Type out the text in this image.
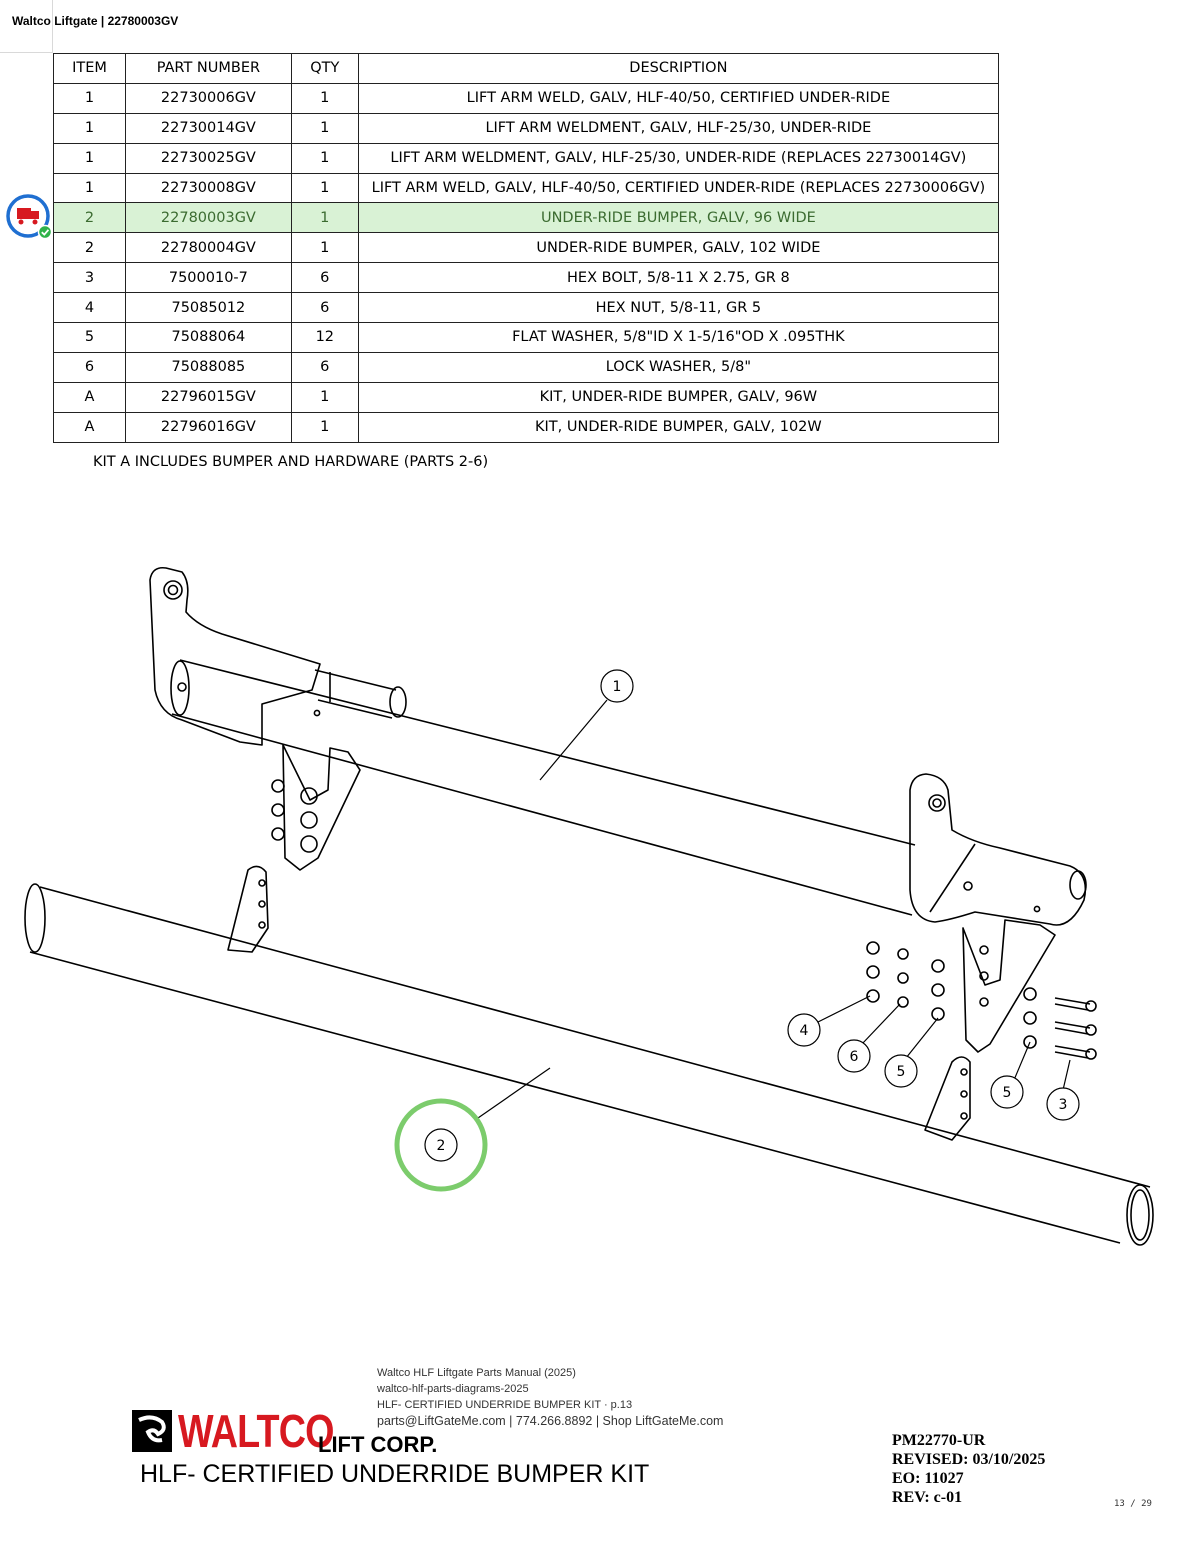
Waltco Liftgate | 22780003GV
ITEM	PART NUMBER	QTY	DESCRIPTION
1	22730006GV	1	LIFT ARM WELD, GALV, HLF-40/50, CERTIFIED UNDER-RIDE
1	22730014GV	1	LIFT ARM WELDMENT, GALV, HLF-25/30, UNDER-RIDE
1	22730025GV	1	LIFT ARM WELDMENT, GALV, HLF-25/30, UNDER-RIDE (REPLACES 22730014GV)
1	22730008GV	1	LIFT ARM WELD, GALV, HLF-40/50, CERTIFIED UNDER-RIDE (REPLACES 22730006GV)
2	22780003GV	1	UNDER-RIDE BUMPER, GALV, 96 WIDE
2	22780004GV	1	UNDER-RIDE BUMPER, GALV, 102 WIDE
3	7500010-7	6	HEX BOLT, 5/8-11 X 2.75, GR 8
4	75085012	6	HEX NUT, 5/8-11, GR 5
5	75088064	12	FLAT WASHER, 5/8"ID X 1-5/16"OD X .095THK
6	75088085	6	LOCK WASHER, 5/8"
A	22796015GV	1	KIT, UNDER-RIDE BUMPER, GALV, 96W
A	22796016GV	1	KIT, UNDER-RIDE BUMPER, GALV, 102W
KIT A INCLUDES BUMPER AND HARDWARE (PARTS 2-6)
1
2
3
4
5
5
6
Waltco HLF Liftgate Parts Manual (2025)
waltco-hlf-parts-diagrams-2025
HLF- CERTIFIED UNDERRIDE BUMPER KIT · p.13
parts@LiftGateMe.com | 774.266.8892 | Shop LiftGateMe.com
WALTCO
LIFT CORP.
HLF- CERTIFIED UNDERRIDE BUMPER KIT
PM22770-UR
REVISED: 03/10/2025
EO: 11027
REV: c-01	13 / 29
